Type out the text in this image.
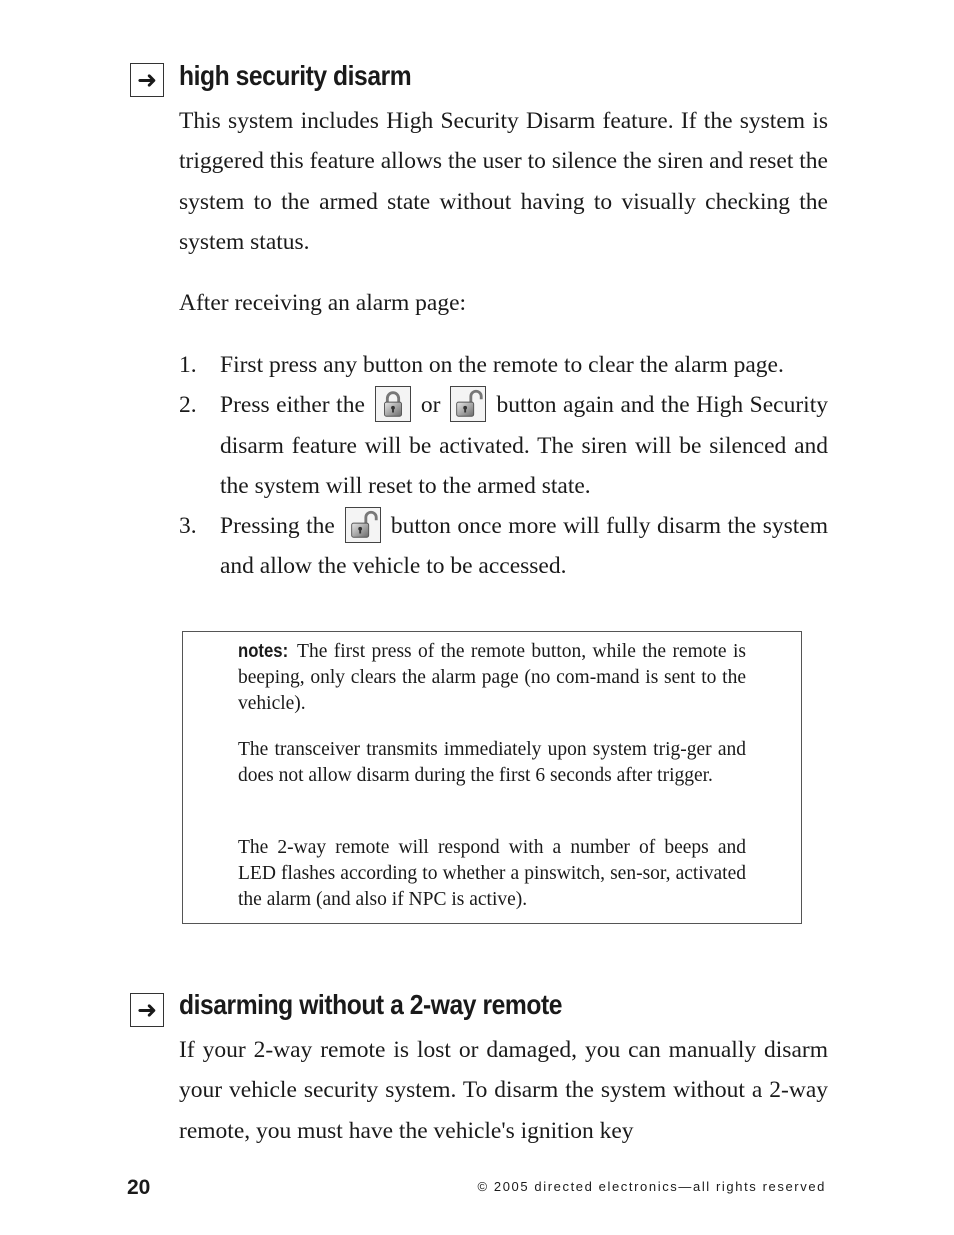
➜ high security disarm

This system includes High Security Disarm feature. If the system is triggered this feature allows the user to silence the siren and reset the system to the armed state without having to visually checking the system status.

After receiving an alarm page:

1. First press any button on the remote to clear the alarm page.
2. Press either the or button again and the High Security disarm feature will be activated. The siren will be silenced and the system will reset to the armed state.
3. Pressing the button once more will fully disarm the system and allow the vehicle to be accessed.

notes: The first press of the remote button, while the remote is beeping, only clears the alarm page (no com-mand is sent to the vehicle).

The transceiver transmits immediately upon system trig-ger and does not allow disarm during the first 6 seconds after trigger.

The 2-way remote will respond with a number of beeps and LED flashes according to whether a pinswitch, sen-sor, activated the alarm (and also if NPC is active).

➜ disarming without a 2-way remote

If your 2-way remote is lost or damaged, you can manually disarm your vehicle security system. To disarm the system without a 2-way remote, you must have the vehicle's ignition key

20	© 2005 directed electronics—all rights reserved
